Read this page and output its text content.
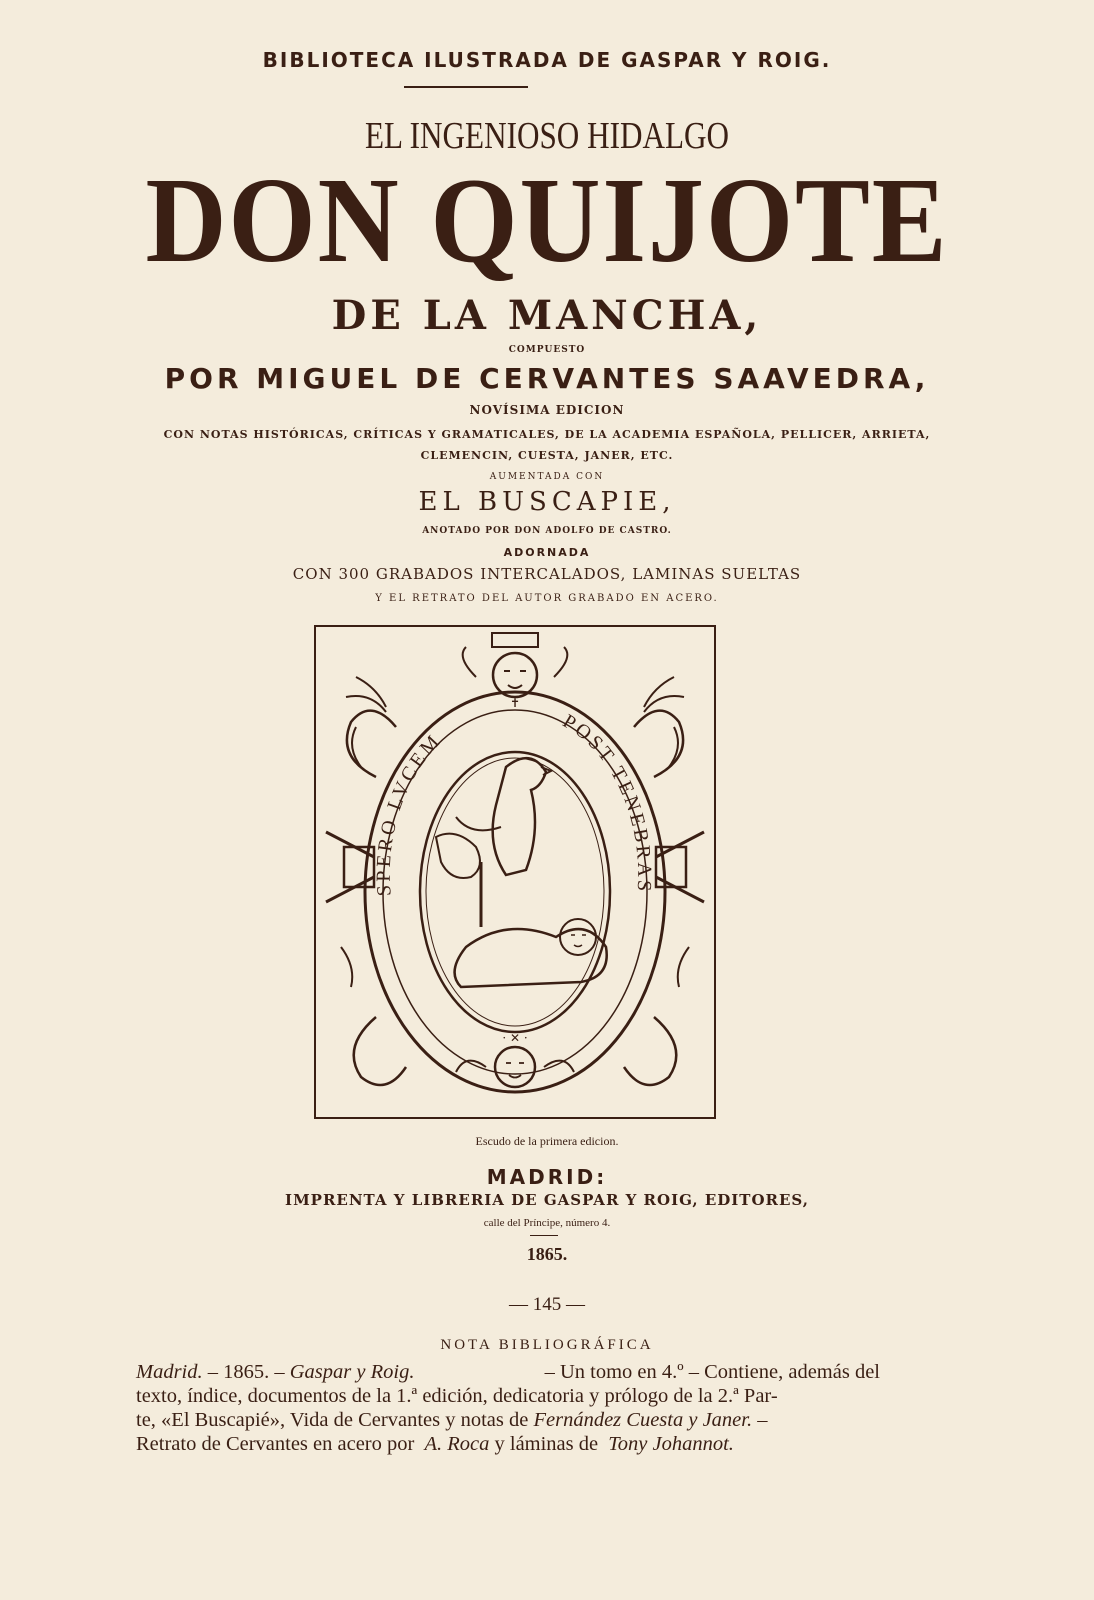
BIBLIOTECA ILUSTRADA DE GASPAR Y ROIG.
EL INGENIOSO HIDALGO
DON QUIJOTE
DE LA MANCHA,
COMPUESTO
POR MIGUEL DE CERVANTES SAAVEDRA,
NOVÍSIMA EDICION
CON NOTAS HISTÓRICAS, CRÍTICAS Y GRAMATICALES, DE LA ACADEMIA ESPAÑOLA, PELLICER, ARRIETA,
CLEMENCIN, CUESTA, JANER, ETC.
AUMENTADA CON
EL BUSCAPIE,
ANOTADO POR DON ADOLFO DE CASTRO.
ADORNADA
CON 300 GRABADOS INTERCALADOS, LAMINAS SUELTAS
Y EL RETRATO DEL AUTOR GRABADO EN ACERO.
SPERO LVCEM
POST TENEBRAS
✝
· ✕ ·
Escudo de la primera edicion.
MADRID:
IMPRENTA Y LIBRERIA DE GASPAR Y ROIG, EDITORES,
calle del Príncipe, número 4.
1865.
— 145 —
NOTA BIBLIOGRÁFICA
Madrid. – 1865. – Gaspar y Roig.	– Un tomo en 4.º – Contiene, además del
texto, índice, documentos de la 1.ª edición, dedicatoria y prólogo de la 2.ª Par-
te, «El Buscapié», Vida de Cervantes y notas de Fernández Cuesta y Janer. –
Retrato de Cervantes en acero por A. Roca y láminas de Tony Johannot.
